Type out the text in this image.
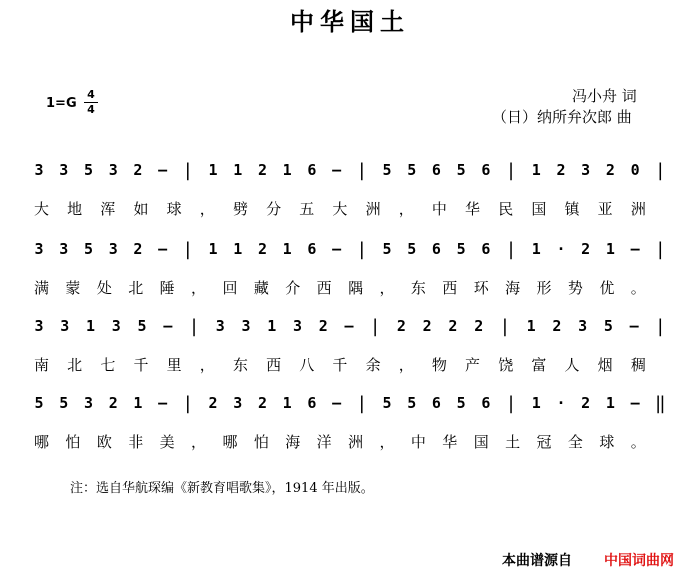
中华国土
1=G
4
4
冯小舟 词
（日）纳所弁次郎 曲
3 3 5 3 2 — | 1 1 2 1 6 — | 5 5 6 5 6 | 1 2 3 2 0 |
大 地 浑 如 球 ， 劈 分 五 大 洲 ， 中 华 民 国 镇 亚 洲
3 3 5 3 2 — | 1 1 2 1 6 — | 5 5 6 5 6 | 1 · 2 1 — |
满 蒙 处 北 陲 ， 回 藏 介 西 隅 ， 东 西 环 海 形 势 优 。
3 3 1 3 5 — | 3 3 1 3 2 — | 2 2 2 2 | 1 2 3 5 — |
南 北 七 千 里 ， 东 西 八 千 余 ， 物 产 饶 富 人 烟 稠
5 5 3 2 1 — | 2 3 2 1 6 — | 5 5 6 5 6 | 1 · 2 1 — ‖
哪 怕 欧 非 美 ， 哪 怕 海 洋 洲 ， 中 华 国 土 冠 全 球 。
注：选自华航琛编《新教育唱歌集》，1914 年出版。
本曲谱源自 中国词曲网
